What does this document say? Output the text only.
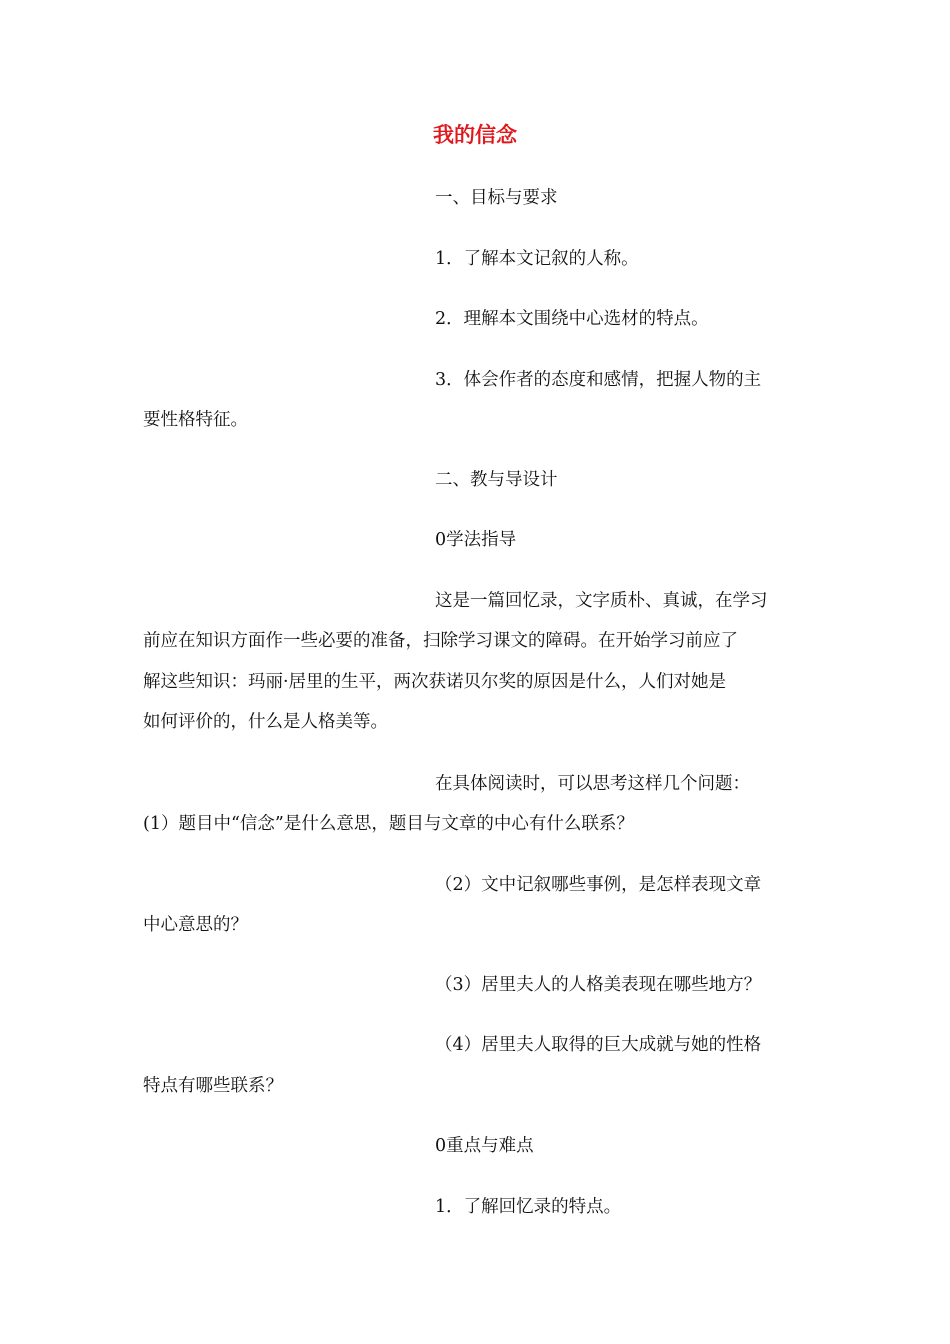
我的信念
一、目标与要求
1．了解本文记叙的人称。
2．理解本文围绕中心选材的特点。
3．体会作者的态度和感情，把握人物的主
要性格特征。
二、教与导设计
0学法指导
这是一篇回忆录，文字质朴、真诚，在学习
前应在知识方面作一些必要的准备，扫除学习课文的障碍。在开始学习前应了
解这些知识：玛丽·居里的生平，两次获诺贝尔奖的原因是什么，人们对她是
如何评价的，什么是人格美等。
在具体阅读时，可以思考这样几个问题：
(1）题目中“信念”是什么意思，题目与文章的中心有什么联系？
（2）文中记叙哪些事例，是怎样表现文章
中心意思的？
（3）居里夫人的人格美表现在哪些地方？
（4）居里夫人取得的巨大成就与她的性格
特点有哪些联系？
0重点与难点
1．了解回忆录的特点。
